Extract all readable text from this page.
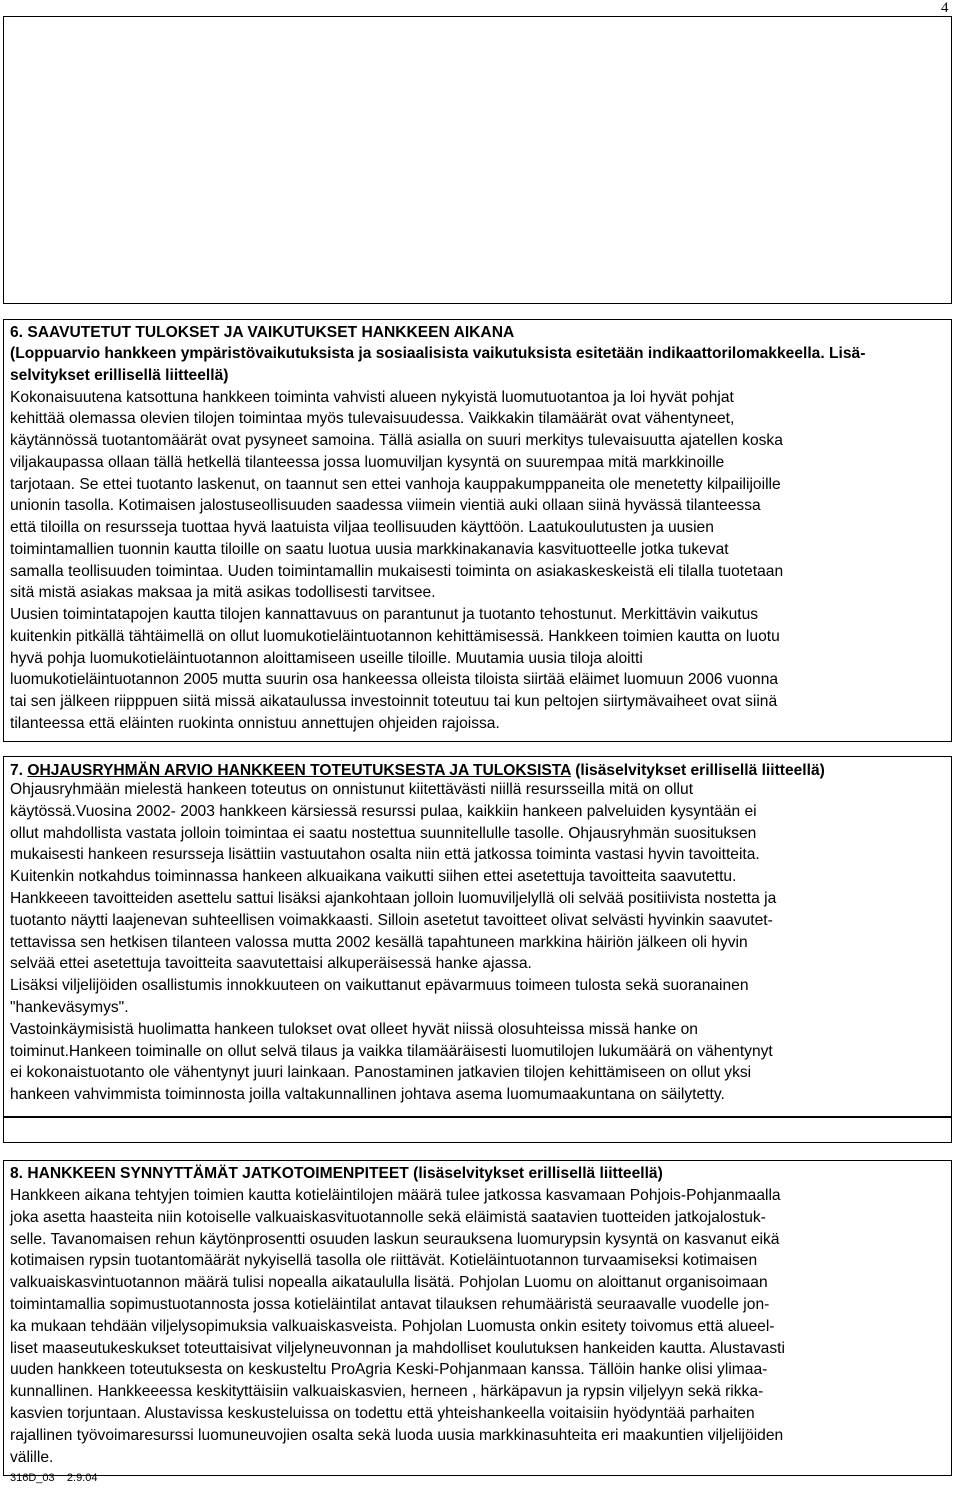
4
6. SAAVUTETUT TULOKSET JA VAIKUTUKSET HANKKEEN AIKANA
(Loppuarvio hankkeen ympäristövaikutuksista ja sosiaalisista vaikutuksista esitetään indikaattorilomakkeella. Lisä-
selvitykset erillisellä liitteellä)
Kokonaisuutena katsottuna hankkeen toiminta vahvisti alueen nykyistä luomutuotantoa ja loi hyvät pohjat
kehittää olemassa olevien tilojen toimintaa myös tulevaisuudessa. Vaikkakin tilamäärät ovat vähentyneet,
käytännössä tuotantomäärät ovat pysyneet samoina. Tällä asialla on suuri merkitys tulevaisuutta ajatellen koska
viljakaupassa ollaan tällä hetkellä tilanteessa jossa luomuviljan kysyntä on suurempaa mitä markkinoille
tarjotaan. Se ettei tuotanto laskenut, on taannut sen ettei vanhoja kauppakumppaneita ole menetetty kilpailijoille
unionin tasolla. Kotimaisen jalostuseollisuuden saadessa viimein vientiä auki ollaan siinä hyvässä tilanteessa
että tiloilla on resursseja tuottaa hyvä laatuista viljaa teollisuuden käyttöön. Laatukoulutusten ja uusien
toimintamallien tuonnin kautta tiloille on saatu luotua uusia markkinakanavia kasvituotteelle jotka tukevat
samalla teollisuuden toimintaa. Uuden toimintamallin mukaisesti toiminta on asiakaskeskeistä eli tilalla tuotetaan
sitä mistä asiakas maksaa ja mitä asikas todollisesti tarvitsee.
Uusien toimintatapojen kautta tilojen kannattavuus on parantunut ja tuotanto tehostunut. Merkittävin vaikutus
kuitenkin pitkällä tähtäimellä on ollut luomukotieläintuotannon kehittämisessä. Hankkeen toimien kautta on luotu
hyvä pohja luomukotieläintuotannon aloittamiseen useille tiloille. Muutamia uusia tiloja aloitti
luomukotieläintuotannon 2005 mutta suurin osa hankeessa olleista tiloista siirtää eläimet luomuun 2006 vuonna
tai sen jälkeen riipppuen siitä missä aikataulussa investoinnit toteutuu tai kun peltojen siirtymävaiheet ovat siinä
tilanteessa että eläinten ruokinta onnistuu annettujen ohjeiden rajoissa.
7. OHJAUSRYHMÄN ARVIO HANKKEEN TOTEUTUKSESTA JA TULOKSISTA (lisäselvitykset erillisellä liitteellä)
Ohjausryhmään mielestä hankeen toteutus on onnistunut kiitettävästi niillä resursseilla mitä on ollut
käytössä.Vuosina 2002- 2003 hankkeen kärsiessä resurssi pulaa, kaikkiin hankeen palveluiden kysyntään ei
ollut mahdollista vastata jolloin toimintaa ei saatu nostettua suunnitellulle tasolle. Ohjausryhmän suosituksen
mukaisesti hankeen resursseja lisättiin vastuutahon osalta niin että jatkossa toiminta vastasi hyvin tavoitteita.
Kuitenkin notkahdus toiminnassa hankeen alkuaikana vaikutti siihen ettei asetettuja tavoitteita saavutettu.
Hankkeeen tavoitteiden asettelu sattui lisäksi ajankohtaan jolloin luomuviljelyllä oli selvää positiivista nostetta ja
tuotanto näytti laajenevan suhteellisen voimakkaasti. Silloin asetetut tavoitteet olivat selvästi hyvinkin saavutet-
tettavissa sen hetkisen tilanteen valossa mutta 2002 kesällä tapahtuneen markkina häiriön jälkeen oli hyvin
selvää ettei asetettuja tavoitteita saavutettaisi alkuperäisessä hanke ajassa.
Lisäksi viljelijöiden osallistumis innokkuuteen on vaikuttanut epävarmuus toimeen tulosta sekä suoranainen
"hankeväsymys".
Vastoinkäymisistä huolimatta hankeen tulokset ovat olleet hyvät niissä olosuhteissa missä hanke on
toiminut.Hankeen toiminalle on ollut selvä tilaus ja vaikka tilamääräisesti luomutilojen lukumäärä on vähentynyt
ei kokonaistuotanto ole vähentynyt juuri lainkaan. Panostaminen jatkavien tilojen kehittämiseen on ollut yksi
hankeen vahvimmista toiminnosta joilla valtakunnallinen johtava asema luomumaakuntana on säilytetty.
8. HANKKEEN SYNNYTTÄMÄT JATKOTOIMENPITEET (lisäselvitykset erillisellä liitteellä)
Hankkeen aikana tehtyjen toimien kautta kotieläintilojen määrä tulee jatkossa kasvamaan Pohjois-Pohjanmaalla
joka asetta haasteita niin kotoiselle valkuaiskasvituotannolle sekä eläimistä saatavien tuotteiden jatkojalostuk-
selle. Tavanomaisen rehun käytönprosentti osuuden laskun seurauksena luomurypsin kysyntä on kasvanut eikä
kotimaisen rypsin tuotantomäärät nykyisellä tasolla ole riittävät. Kotieläintuotannon turvaamiseksi kotimaisen
valkuaiskasvintuotannon määrä tulisi nopealla aikataululla lisätä. Pohjolan Luomu on aloittanut organisoimaan
toimintamallia sopimustuotannosta jossa kotieläintilat antavat tilauksen rehumääristä seuraavalle vuodelle jon-
ka mukaan tehdään viljelysopimuksia valkuaiskasveista. Pohjolan Luomusta onkin esitety toivomus että alueel-
liset maaseutukeskukset toteuttaisivat viljelyneuvonnan ja mahdolliset koulutuksen hankeiden kautta. Alustavasti
uuden hankkeen toteutuksesta on keskusteltu ProAgria Keski-Pohjanmaan kanssa. Tällöin hanke olisi ylimaa-
kunnallinen. Hankkeeessa keskityttäisiin valkuaiskasvien, herneen , härkäpavun ja rypsin viljelyyn sekä rikka-
kasvien torjuntaan. Alustavissa keskusteluissa on todettu että yhteishankeella voitaisiin hyödyntää parhaiten
rajallinen työvoimaresurssi luomuneuvojien osalta sekä luoda uusia markkinasuhteita eri maakuntien viljelijöiden
välille.
316D_03 2.9.04
